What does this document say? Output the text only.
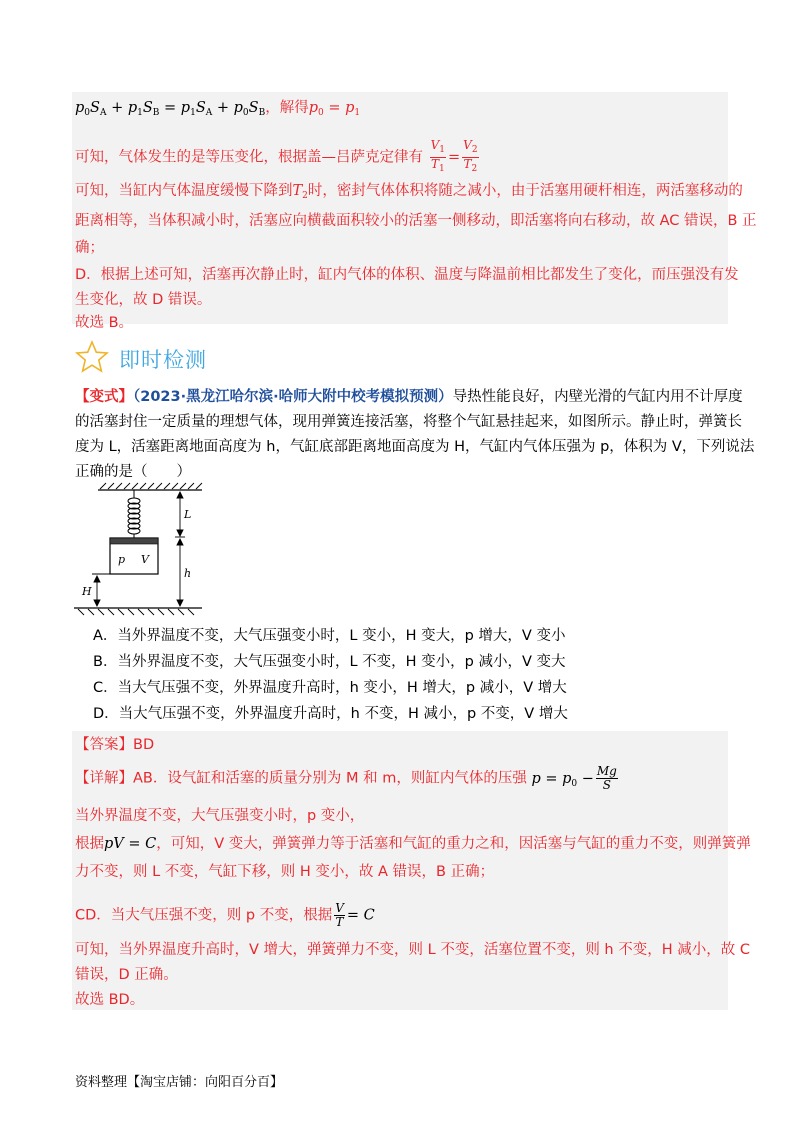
$p_0S_A + p_1S_B = p_1S_A + p_0S_B$，解得$p_0 = p_1$
可知，气体发生的是等压变化，根据盖—吕萨克定律有 $\frac{V_1}{T_1} = \frac{V_2}{T_2}$
可知，当缸内气体温度缓慢下降到$T_2$时，密封气体体积将随之减小，由于活塞用硬杆相连，两活塞移动的
距离相等，当体积减小时，活塞应向横截面积较小的活塞一侧移动，即活塞将向右移动，故 AC 错误，B 正
确；
D．根据上述可知，活塞再次静止时，缸内气体的体积、温度与降温前相比都发生了变化，而压强没有发
生变化，故 D 错误。
故选 B。
即时检测
【变式】（2023·黑龙江哈尔滨·哈师大附中校考模拟预测）导热性能良好，内壁光滑的气缸内用不计厚度
的活塞封住一定质量的理想气体，现用弹簧连接活塞，将整个气缸悬挂起来，如图所示。静止时，弹簧长
度为 L，活塞距离地面高度为 h，气缸底部距离地面高度为 H，气缸内气体压强为 p，体积为 V，下列说法
正确的是（　　）
p V
L
h
H
A．当外界温度不变，大气压强变小时，L 变小，H 变大，p 增大，V 变小
B．当外界温度不变，大气压强变小时，L 不变，H 变小，p 减小，V 变大
C．当大气压强不变，外界温度升高时，h 变小，H 增大，p 减小，V 增大
D．当大气压强不变，外界温度升高时，h 不变，H 减小，p 不变，V 增大
【答案】BD
【详解】AB．设气缸和活塞的质量分别为 M 和 m，则缸内气体的压强 $p = p_0 - \frac{Mg}{S}$
当外界温度不变，大气压强变小时，p 变小，
根据pV = C，可知，V 变大，弹簧弹力等于活塞和气缸的重力之和，因活塞与气缸的重力不变，则弹簧弹
力不变，则 L 不变，气缸下移，则 H 变小，故 A 错误，B 正确；
CD．当大气压强不变，则 p 不变，根据 $\frac{V}{T} = C$
可知，当外界温度升高时，V 增大，弹簧弹力不变，则 L 不变，活塞位置不变，则 h 不变，H 减小，故 C
错误，D 正确。
故选 BD。
资料整理【淘宝店铺：向阳百分百】
